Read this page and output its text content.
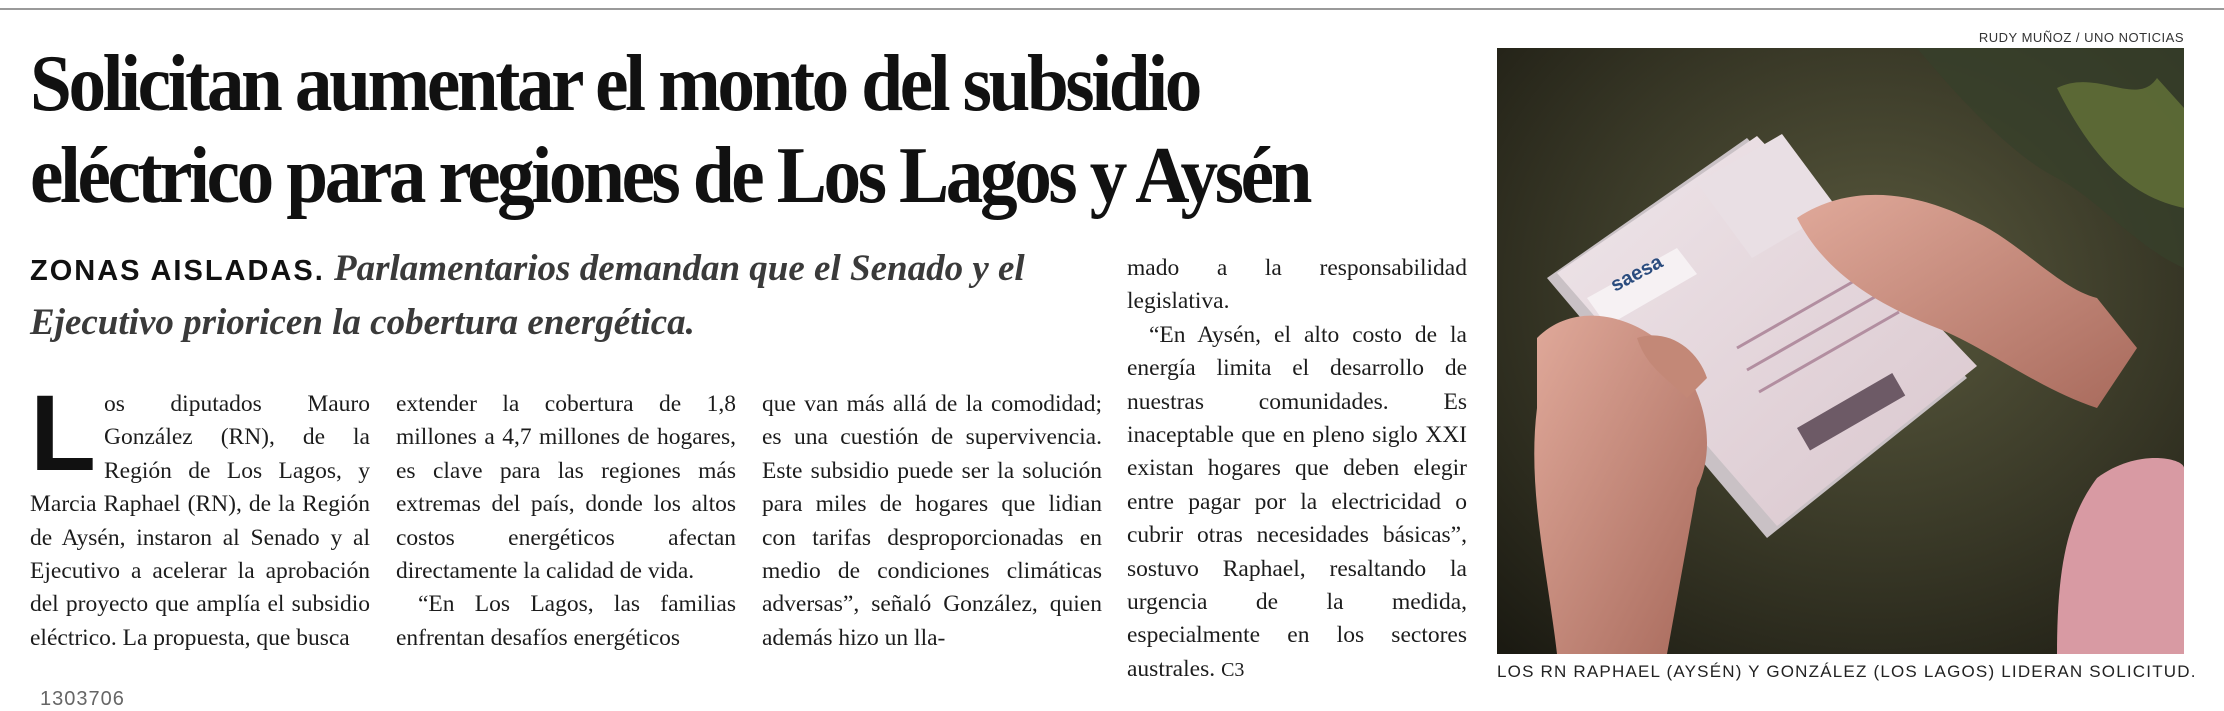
Solicitan aumentar el monto del subsidio
eléctrico para regiones de Los Lagos y Aysén
ZONAS AISLADAS. Parlamentarios demandan que el Senado y el Ejecutivo prioricen la cobertura energética.
L os diputados Mauro González (RN), de la Región de Los Lagos, y Marcia Raphael (RN), de la Región de Aysén, instaron al Senado y al Ejecutivo a acelerar la aprobación del proyecto que amplía el subsidio eléctrico. La propuesta, que busca

extender la cobertura de 1,8 millones a 4,7 millones de hogares, es clave para las regiones más extremas del país, donde los altos costos energéticos afectan directamente la calidad de vida.

“En Los Lagos, las familias enfrentan desafíos energéticos

que van más allá de la comodidad; es una cuestión de supervivencia. Este subsidio puede ser la solución para miles de hogares que lidian con tarifas desproporcionadas en medio de condiciones climáticas adversas”, señaló González, quien además hizo un lla-

mado a la responsabilidad legislativa.

“En Aysén, el alto costo de la energía limita el desarrollo de nuestras comunidades. Es inaceptable que en pleno siglo XXI existan hogares que deben elegir entre pagar por la electricidad o cubrir otras necesidades básicas”, sostuvo Raphael, resaltando la urgencia de la medida, especialmente en los sectores australes. C3

1303706
RUDY MUÑOZ / UNO NOTICIAS
saesa
LOS RN RAPHAEL (AYSÉN) Y GONZÁLEZ (LOS LAGOS) LIDERAN SOLICITUD.
